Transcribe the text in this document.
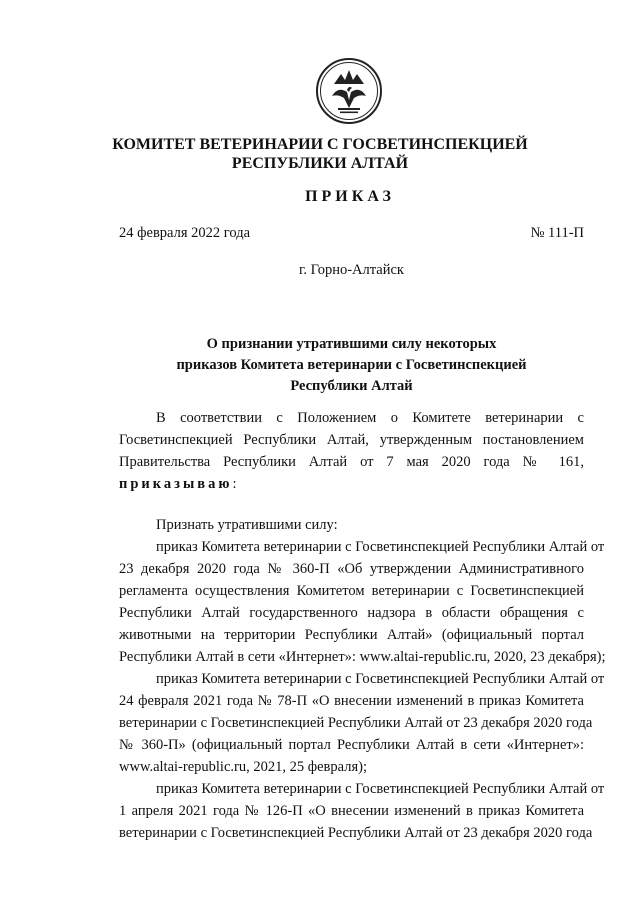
КОМИТЕТ ВЕТЕРИНАРИИ С ГОСВЕТИНСПЕКЦИЕЙ
РЕСПУБЛИКИ АЛТАЙ
ПРИКАЗ
24 февраля 2022 года	№ 111-П
г. Горно-Алтайск
О признании утратившими силу некоторых
приказов Комитета ветеринарии с Госветинспекцией
Республики Алтай
В соответствии с Положением о Комитете ветеринарии с
Госветинспекцией Республики Алтай, утвержденным постановлением
Правительства Республики Алтай от 7 мая 2020 года № 161,
приказываю:
Признать утратившими силу:
приказ Комитета ветеринарии с Госветинспекцией Республики Алтай от
23 декабря 2020 года № 360-П «Об утверждении Административного
регламента осуществления Комитетом ветеринарии с Госветинспекцией
Республики Алтай государственного надзора в области обращения с
животными на территории Республики Алтай» (официальный портал
Республики Алтай в сети «Интернет»: www.altai-republic.ru, 2020, 23 декабря);
приказ Комитета ветеринарии с Госветинспекцией Республики Алтай от
24 февраля 2021 года № 78-П «О внесении изменений в приказ Комитета
ветеринарии с Госветинспекцией Республики Алтай от 23 декабря 2020 года
№ 360-П» (официальный портал Республики Алтай в сети «Интернет»:
www.altai-republic.ru, 2021, 25 февраля);
приказ Комитета ветеринарии с Госветинспекцией Республики Алтай от
1 апреля 2021 года № 126-П «О внесении изменений в приказ Комитета
ветеринарии с Госветинспекцией Республики Алтай от 23 декабря 2020 года
